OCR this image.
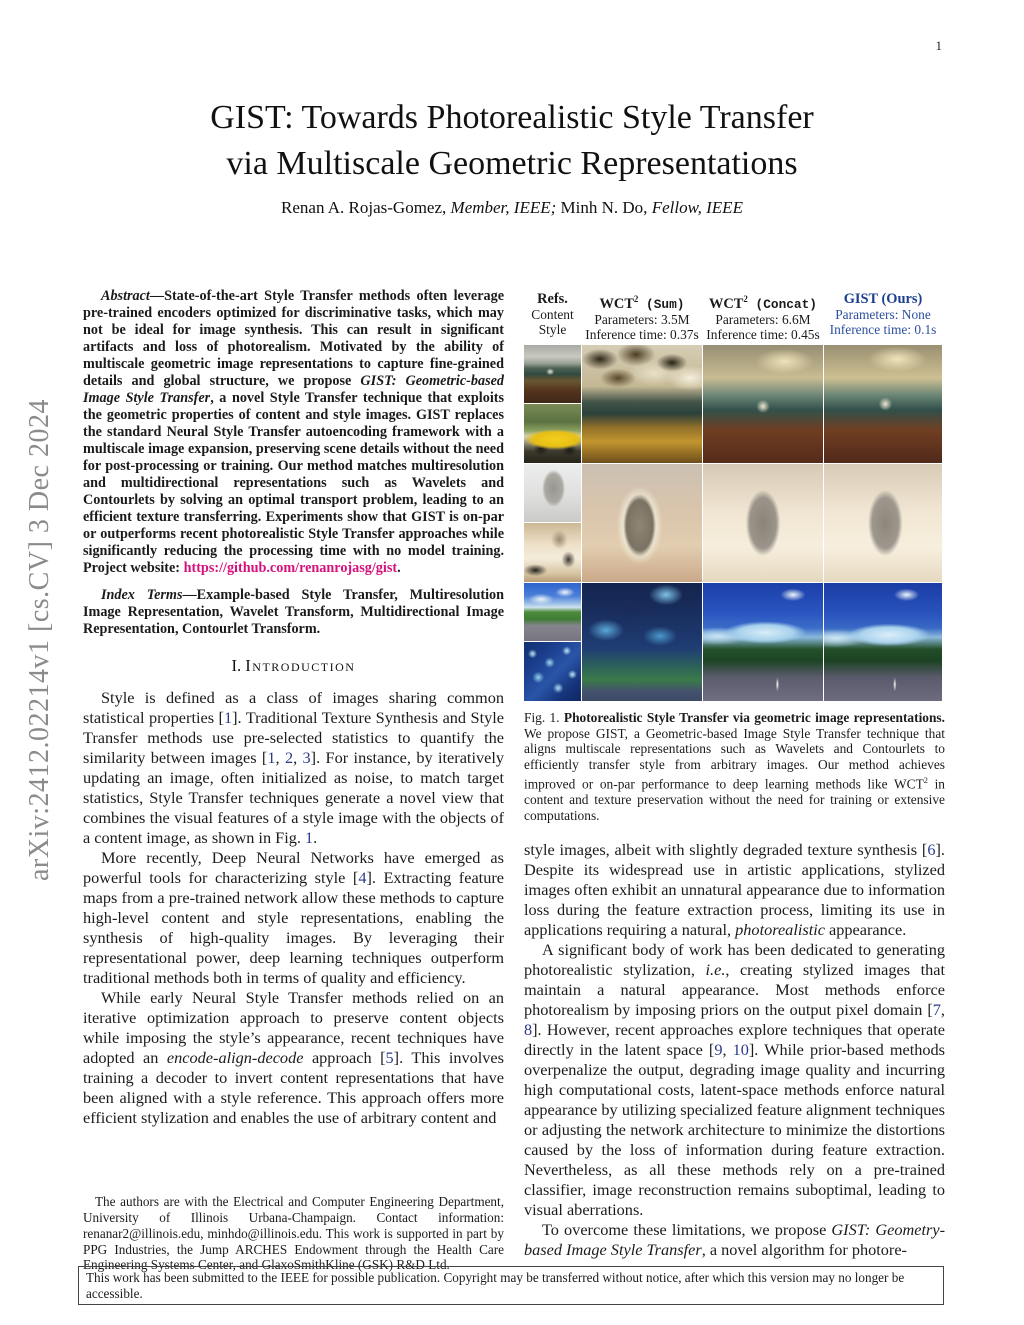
1
arXiv:2412.02214v1 [cs.CV] 3 Dec 2024
GIST: Towards Photorealistic Style Transfer
via Multiscale Geometric Representations
Renan A. Rojas-Gomez, Member, IEEE; Minh N. Do, Fellow, IEEE

Abstract—State-of-the-art Style Transfer methods often leverage pre-trained encoders optimized for discriminative tasks, which may not be ideal for image synthesis. This can result in significant artifacts and loss of photorealism. Motivated by the ability of multiscale geometric image representations to capture fine-grained details and global structure, we propose GIST: Geometric-based Image Style Transfer, a novel Style Transfer technique that exploits the geometric properties of content and style images. GIST replaces the standard Neural Style Transfer autoencoding framework with a multiscale image expansion, preserving scene details without the need for post-processing or training. Our method matches multiresolution and multidirectional representations such as Wavelets and Contourlets by solving an optimal transport problem, leading to an efficient texture transferring. Experiments show that GIST is on-par or outperforms recent photorealistic Style Transfer approaches while significantly reducing the processing time with no model training. Project website: https://github.com/renanrojasg/gist.

Index Terms—Example-based Style Transfer, Multiresolution Image Representation, Wavelet Transform, Multidirectional Image Representation, Contourlet Transform.

I. Introduction

Style is defined as a class of images sharing common statistical properties [1]. Traditional Texture Synthesis and Style Transfer methods use pre-selected statistics to quantify the similarity between images [1, 2, 3]. For instance, by iteratively updating an image, often initialized as noise, to match target statistics, Style Transfer techniques generate a novel view that combines the visual features of a style image with the objects of a content image, as shown in Fig. 1.

More recently, Deep Neural Networks have emerged as powerful tools for characterizing style [4]. Extracting feature maps from a pre-trained network allow these methods to capture high-level content and style representations, enabling the synthesis of high-quality images. By leveraging their representational power, deep learning techniques outperform traditional methods both in terms of quality and efficiency.

While early Neural Style Transfer methods relied on an iterative optimization approach to preserve content objects while imposing the style’s appearance, recent techniques have adopted an encode-align-decode approach [5]. This involves training a decoder to invert content representations that have been aligned with a style reference. This approach offers more efficient stylization and enables the use of arbitrary content and

The authors are with the Electrical and Computer Engineering Department, University of Illinois Urbana-Champaign. Contact information: renanar2@illinois.edu, minhdo@illinois.edu. This work is supported in part by PPG Industries, the Jump ARCHES Endowment through the Health Care Engineering Systems Center, and GlaxoSmithKline (GSK) R&D Ltd.

Refs.
Content
Style
WCT$^2$ (Sum)
Parameters: 3.5M
Inference time: 0.37s
WCT$^2$ (Concat)
Parameters: 6.6M
Inference time: 0.45s
GIST (Ours)
Parameters: None
Inference time: 0.1s

Fig. 1. Photorealistic Style Transfer via geometric image representations. We propose GIST, a Geometric-based Image Style Transfer technique that aligns multiscale representations such as Wavelets and Contourlets to efficiently transfer style from arbitrary images. Our method achieves improved or on-par performance to deep learning methods like WCT$^2$ in content and texture preservation without the need for training or extensive computations.

style images, albeit with slightly degraded texture synthesis [6]. Despite its widespread use in artistic applications, stylized images often exhibit an unnatural appearance due to information loss during the feature extraction process, limiting its use in applications requiring a natural, photorealistic appearance.

A significant body of work has been dedicated to generating photorealistic stylization, i.e., creating stylized images that maintain a natural appearance. Most methods enforce photorealism by imposing priors on the output pixel domain [7, 8]. However, recent approaches explore techniques that operate directly in the latent space [9, 10]. While prior-based methods overpenalize the output, degrading image quality and incurring high computational costs, latent-space methods enforce natural appearance by utilizing specialized feature alignment techniques or adjusting the network architecture to minimize the distortions caused by the loss of information during feature extraction. Nevertheless, as all these methods rely on a pre-trained classifier, image reconstruction remains suboptimal, leading to visual aberrations.

To overcome these limitations, we propose GIST: Geometry-based Image Style Transfer, a novel algorithm for photore-

This work has been submitted to the IEEE for possible publication. Copyright may be transferred without notice, after which this version may no longer be accessible.
